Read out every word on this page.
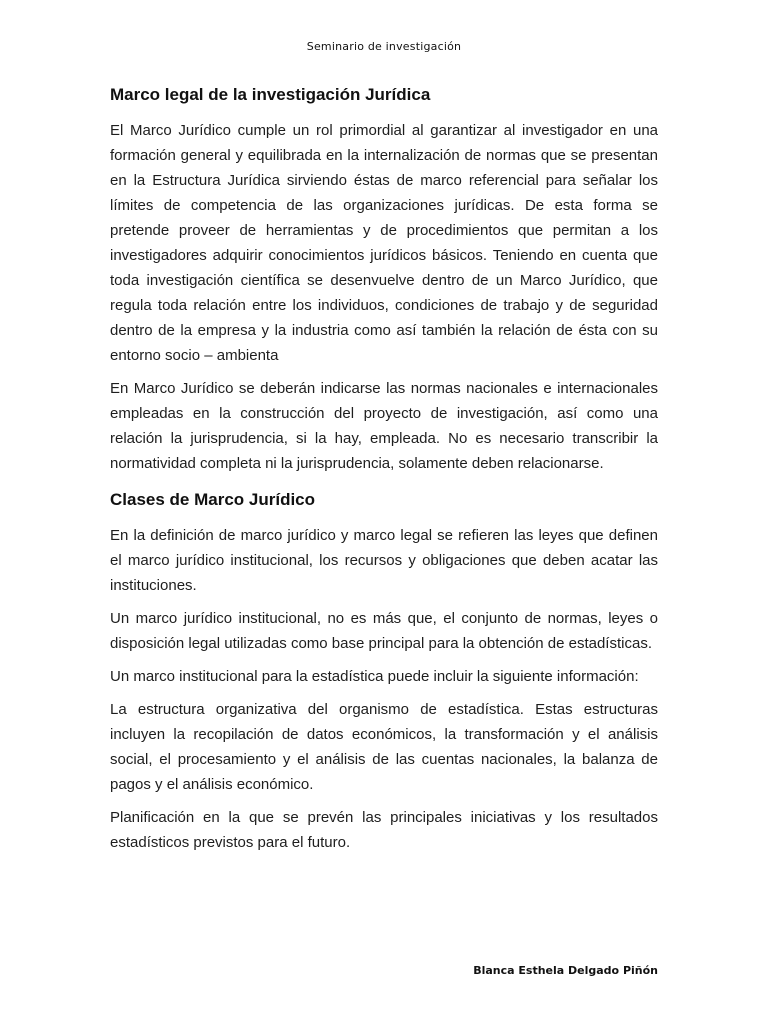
Seminario de investigación
Marco legal de la investigación Jurídica

El Marco Jurídico cumple un rol primordial al garantizar al investigador en una formación general y equilibrada en la internalización de normas que se presentan en la Estructura Jurídica sirviendo éstas de marco referencial para señalar los límites de competencia de las organizaciones jurídicas. De esta forma se pretende proveer de herramientas y de procedimientos que permitan a los investigadores adquirir conocimientos jurídicos básicos. Teniendo en cuenta que toda investigación científica se desenvuelve dentro de un Marco Jurídico, que regula toda relación entre los individuos, condiciones de trabajo y de seguridad dentro de la empresa y la industria como así también la relación de ésta con su entorno socio – ambienta

En Marco Jurídico se deberán indicarse las normas nacionales e internacionales empleadas en la construcción del proyecto de investigación, así como una relación la jurisprudencia, si la hay, empleada. No es necesario transcribir la normatividad completa ni la jurisprudencia, solamente deben relacionarse.

Clases de Marco Jurídico

En la definición de marco jurídico y marco legal se refieren las leyes que definen el marco jurídico institucional, los recursos y obligaciones que deben acatar las instituciones.

Un marco jurídico institucional, no es más que, el conjunto de normas, leyes o disposición legal utilizadas como base principal para la obtención de estadísticas.

Un marco institucional para la estadística puede incluir la siguiente información:

La estructura organizativa del organismo de estadística. Estas estructuras incluyen la recopilación de datos económicos, la transformación y el análisis social, el procesamiento y el análisis de las cuentas nacionales, la balanza de pagos y el análisis económico.

Planificación en la que se prevén las principales iniciativas y los resultados estadísticos previstos para el futuro.

Blanca Esthela Delgado Piñón
